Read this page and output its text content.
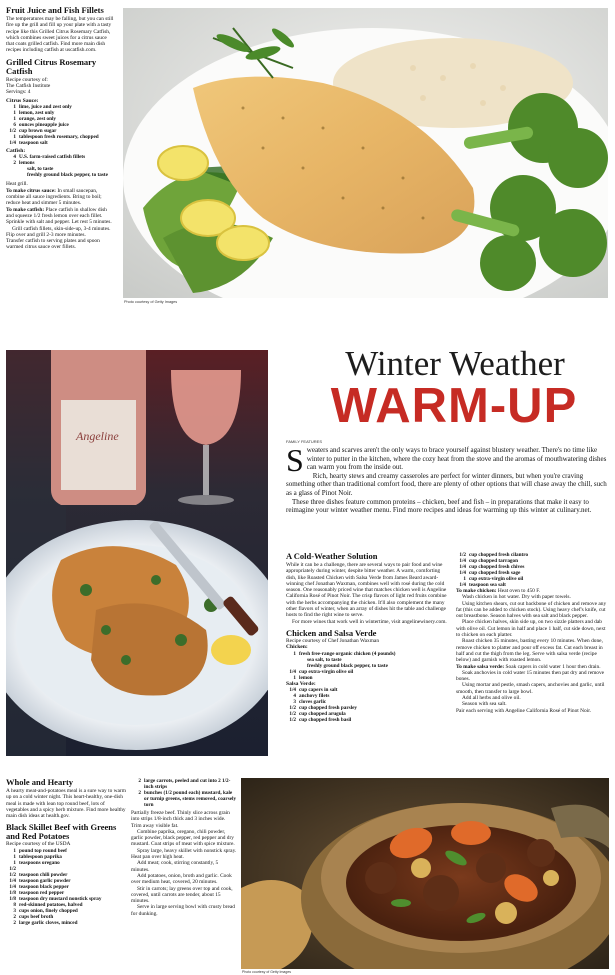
Fruit Juice and Fish Fillets

The temperatures may be falling, but you can still fire up the grill and fill up your plate with a tasty recipe like this Grilled Citrus Rosemary Catfish, which combines sweet juices for a citrus sauce that coats grilled catfish. Find more main dish recipes including catfish at uscatfish.com.

Grilled Citrus Rosemary Catfish

Recipe courtesy of:

The Catfish Institute

Servings: 4

Citrus Sauce:
1 lime, juice and zest only
1 lemon, zest only
1 orange, zest only
6 ounces pineapple juice
1/2 cup brown sugar
1 tablespoon fresh rosemary, chopped
1/4 teaspoon salt
Catfish:
4 U.S. farm-raised catfish fillets
2 lemons
salt, to taste
freshly ground black pepper, to taste

Heat grill.

To make citrus sauce: In small saucepan, combine all sauce ingredients. Bring to boil; reduce heat and simmer 5 minutes.

To make catfish: Place catfish in shallow dish and squeeze 1/2 fresh lemon over each fillet. Sprinkle with salt and pepper. Let rest 5 minutes.

Grill catfish fillets, skin-side-up, 3-4 minutes. Flip over and grill 2-3 more minutes.

Transfer catfish to serving plates and spoon warmed citrus sauce over fillets.

Photo courtesy of Getty Images
Angeline
Winter Weather
WARM-UP
FAMILY FEATURES
S weaters and scarves aren't the only ways to brace yourself against blustery weather. There's no time like winter to putter in the kitchen, where the cozy heat from the stove and the aromas of mouthwatering dishes can warm you from the inside out.

Rich, hearty stews and creamy casseroles are perfect for winter dinners, but when you're craving something other than traditional comfort food, there are plenty of other options that will chase away the chill, such as a glass of Pinot Noir.

These three dishes feature common proteins – chicken, beef and fish – in preparations that make it easy to reimagine your winter weather menu. Find more recipes and ideas for warming up this winter at culinary.net.

A Cold-Weather Solution

While it can be a challenge, there are several ways to pair food and wine appropriately during winter, despite bitter weather. A warm, comforting dish, like Roasted Chicken with Salsa Verde from James Beard award-winning chef Jonathan Waxman, combines well with rosé during the cold season. One reasonably priced wine that matches chicken well is Angeline California Rosé of Pinot Noir. The crisp flavors of light red fruits combine with the herbs accompanying the chicken. It'll also complement the many other flavors of winter, when an array of dishes hit the table and challenge hosts to find the right wine to serve.

For more wines that work well in wintertime, visit angelinewinery.com.

Chicken and Salsa Verde

Recipe courtesy of Chef Jonathan Waxman

Chicken:
1 fresh free-range organic chicken (4 pounds)
sea salt, to taste
freshly ground black pepper, to taste
1/4 cup extra-virgin olive oil
1 lemon
Salsa Verde:
1/4 cup capers in salt
4 anchovy filets
3 cloves garlic
1/2 cup chopped fresh parsley
1/2 cup chopped arugula
1/2 cup chopped fresh basil
1/2 cup chopped fresh cilantro
1/4 cup chopped tarragon
1/4 cup chopped fresh chives
1/4 cup chopped fresh sage
1 cup extra-virgin olive oil
1/4 teaspoon sea salt

To make chicken: Heat oven to 450 F.

Wash chicken in hot water. Dry with paper towels.

Using kitchen shears, cut out backbone of chicken and remove any fat (this can be added to chicken stock). Using heavy chef's knife, cut out breastbone. Season halves with sea salt and black pepper.

Place chicken halves, skin side up, on two sizzle platters and dab with olive oil. Cut lemon in half and place 1 half, cut side down, next to chicken on each platter.

Roast chicken 35 minutes, basting every 10 minutes. When done, remove chicken to platter and pour off excess fat. Cut each breast in half and cut the thigh from the leg. Serve with salsa verde (recipe below) and garnish with roasted lemon.

To make salsa verde: Soak capers in cold water 1 hour then drain.

Soak anchovies in cold water 15 minutes then pat dry and remove bones.

Using mortar and pestle, smash capers, anchovies and garlic, until smooth, then transfer to large bowl.

Add all herbs and olive oil.

Season with sea salt.

Pair each serving with Angeline California Rosé of Pinot Noir.

Whole and Hearty

A hearty meat-and-potatoes meal is a sure way to warm up on a cold winter night. This heart-healthy, one-dish meal is made with lean top round beef, lots of vegetables and a spicy herb mixture. Find more healthy main dish ideas at health.gov.

Black Skillet Beef with Greens and Red Potatoes

Recipe courtesy of the USDA

1 pound top round beef
1 tablespoon paprika
1 1/2
teaspoons oregano
1/2 teaspoon chili powder
1/4 teaspoon garlic powder
1/4 teaspoon black pepper
1/8 teaspoon red pepper
1/8 teaspoon dry mustard nonstick spray
8 red-skinned potatoes, halved
3 cups onion, finely chopped
2 cups beef broth
2 large garlic cloves, minced
2 large carrots, peeled and cut into 2 1/2-inch strips
2 bunches (1/2 pound each) mustard, kale or turnip greens, stems removed, coarsely torn

Partially freeze beef. Thinly slice across grain into strips 1/8-inch thick and 3 inches wide. Trim away visible fat.

Combine paprika, oregano, chili powder, garlic powder, black pepper, red pepper and dry mustard. Coat strips of meat with spice mixture.

Spray large, heavy skillet with nonstick spray. Heat pan over high heat.

Add meat; cook, stirring constantly, 5 minutes.

Add potatoes, onion, broth and garlic. Cook over medium heat, covered, 20 minutes.

Stir in carrots; lay greens over top and cook, covered, until carrots are tender, about 15 minutes.

Serve in large serving bowl with crusty bread for dunking.

Photo courtesy of Getty Images
